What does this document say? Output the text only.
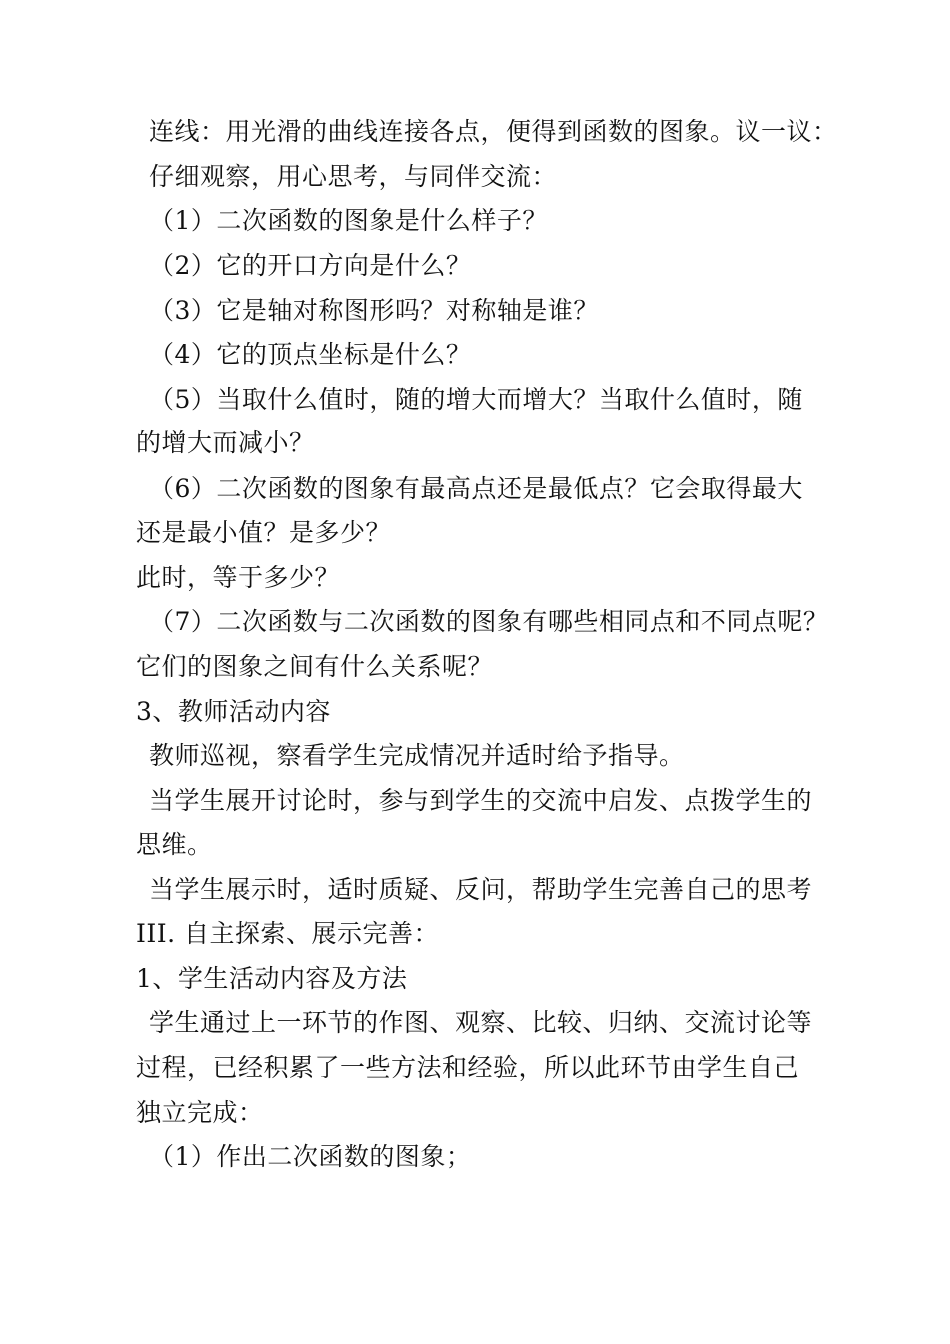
连线：用光滑的曲线连接各点，便得到函数的图象。议一议：
仔细观察，用心思考，与同伴交流：
（1）二次函数的图象是什么样子？
（2）它的开口方向是什么？
（3）它是轴对称图形吗？对称轴是谁？
（4）它的顶点坐标是什么？
（5）当取什么值时，随的增大而增大？当取什么值时，随
的增大而减小？
（6）二次函数的图象有最高点还是最低点？它会取得最大
还是最小值？是多少？
此时，等于多少？
（7）二次函数与二次函数的图象有哪些相同点和不同点呢？
它们的图象之间有什么关系呢？
3、教师活动内容
教师巡视，察看学生完成情况并适时给予指导。
当学生展开讨论时，参与到学生的交流中启发、点拨学生的
思维。
当学生展示时，适时质疑、反问，帮助学生完善自己的思考
III. 自主探索、展示完善：
1、学生活动内容及方法
学生通过上一环节的作图、观察、比较、归纳、交流讨论等
过程，已经积累了一些方法和经验，所以此环节由学生自己
独立完成：
（1）作出二次函数的图象；
